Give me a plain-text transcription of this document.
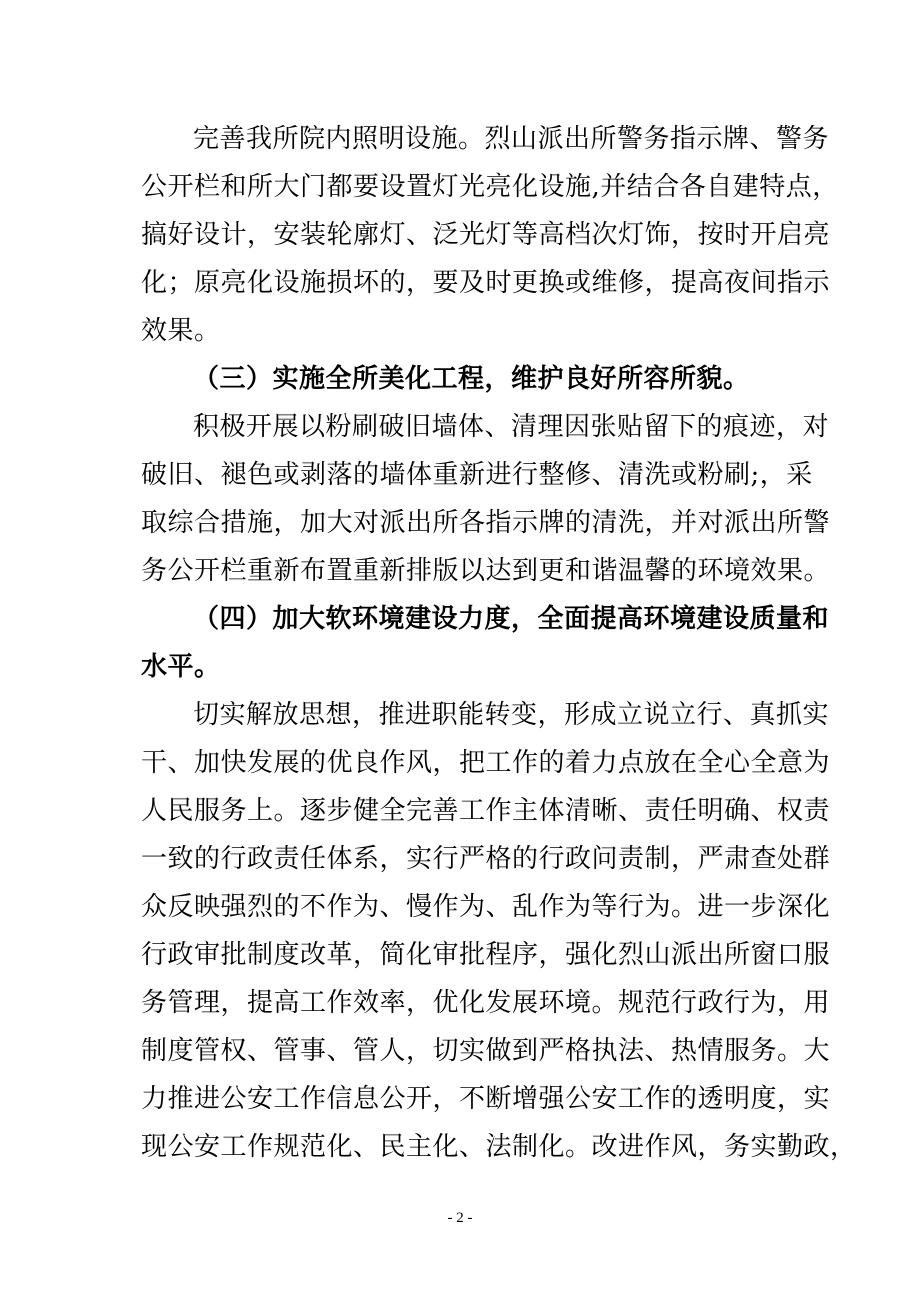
完善我所院内照明设施。烈山派出所警务指示牌、警务
公开栏和所大门都要设置灯光亮化设施,并结合各自建特点，
搞好设计，安装轮廓灯、泛光灯等高档次灯饰，按时开启亮
化；原亮化设施损坏的，要及时更换或维修，提高夜间指示
效果。
（三）实施全所美化工程，维护良好所容所貌。
积极开展以粉刷破旧墙体、清理因张贴留下的痕迹，对
破旧、褪色或剥落的墙体重新进行整修、清洗或粉刷;，采
取综合措施，加大对派出所各指示牌的清洗，并对派出所警
务公开栏重新布置重新排版以达到更和谐温馨的环境效果。
（四）加大软环境建设力度，全面提高环境建设质量和
水平。
切实解放思想，推进职能转变，形成立说立行、真抓实
干、加快发展的优良作风，把工作的着力点放在全心全意为
人民服务上。逐步健全完善工作主体清晰、责任明确、权责
一致的行政责任体系，实行严格的行政问责制，严肃查处群
众反映强烈的不作为、慢作为、乱作为等行为。进一步深化
行政审批制度改革，简化审批程序，强化烈山派出所窗口服
务管理，提高工作效率，优化发展环境。规范行政行为，用
制度管权、管事、管人，切实做到严格执法、热情服务。大
力推进公安工作信息公开，不断增强公安工作的透明度，实
现公安工作规范化、民主化、法制化。改进作风，务实勤政，
- 2 -
